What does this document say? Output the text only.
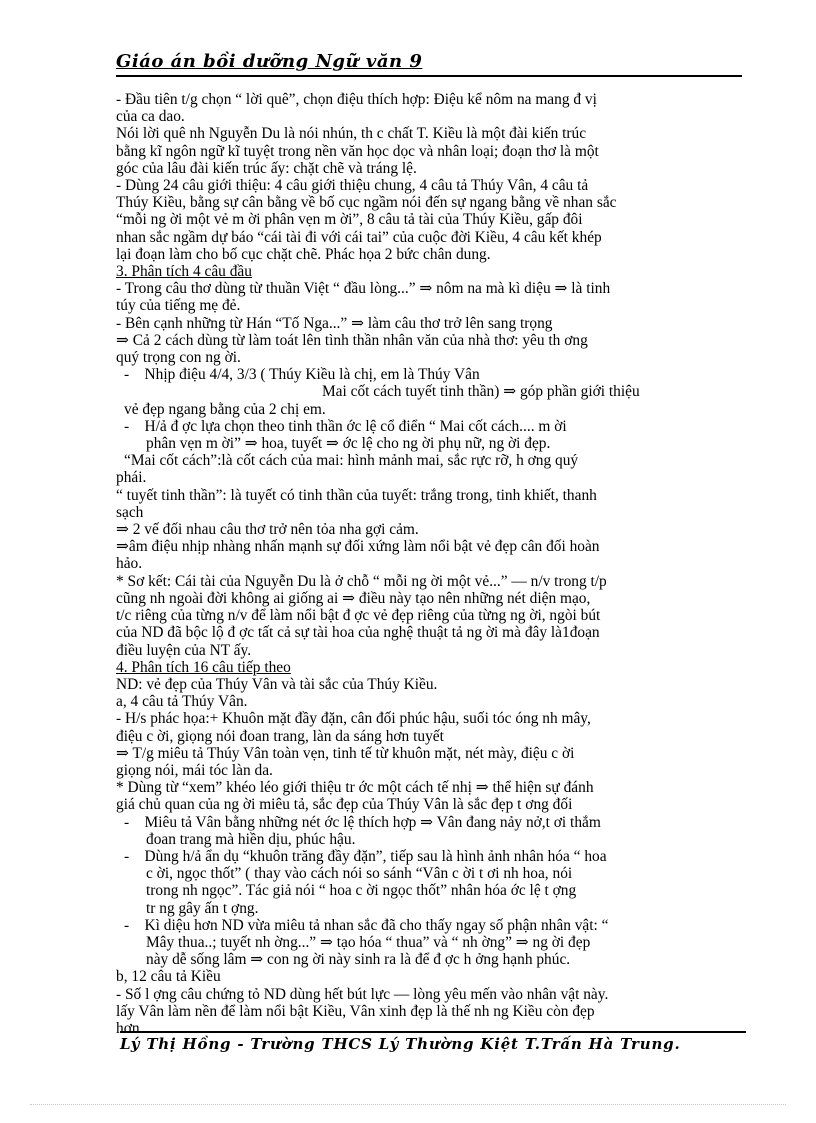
Giáo án bồi dưỡng Ngữ văn 9

- Đầu tiên t/g chọn “ lời quê”, chọn điệu thích hợp: Điệu kể nôm na mang đ vị

của ca dao.

Nói lời quê nh Nguyễn Du là nói nhún, th c chất T. Kiều là một đài kiến trúc

bằng kĩ ngôn ngữ kĩ tuyệt trong nền văn học dọc và nhân loại; đoạn thơ là một

góc của lâu đài kiến trúc ấy: chặt chẽ và tráng lệ.

- Dùng 24 câu giới thiệu: 4 câu giới thiệu chung, 4 câu tả Thúy Vân, 4 câu tả

Thúy Kiều, bằng sự cân bằng về bố cục ngầm nói đến sự ngang bằng về nhan sắc

“mỗi ng ời một vẻ m ời phân vẹn m ời”, 8 câu tả tài của Thúy Kiều, gấp đôi

nhan sắc ngầm dự báo “cái tài đi với cái tai” của cuộc đời Kiều, 4 câu kết khép

lại đoạn làm cho bố cục chặt chẽ. Phác họa 2 bức chân dung.

3. Phân tích 4 câu đầu

- Trong câu thơ dùng từ thuần Việt “ đầu lòng...” ⇒ nôm na mà kì diệu ⇒ là tinh

túy của tiếng mẹ đẻ.

- Bên cạnh những từ Hán “Tố Nga...” ⇒ làm câu thơ trở lên sang trọng

⇒ Cả 2 cách dùng từ làm toát lên tình thần nhân văn của nhà thơ: yêu th ơng

quý trọng con ng ời.

- Nhịp điệu 4/4, 3/3 ( Thúy Kiều là chị, em là Thúy Vân

Mai cốt cách tuyết tinh thần) ⇒ góp phần giới thiệu

vẻ đẹp ngang bằng của 2 chị em.

- H/ả đ ợc lựa chọn theo tinh thần ớc lệ cổ điển “ Mai cốt cách.... m ời

phân vẹn m ời” ⇒ hoa, tuyết ⇒ ớc lệ cho ng ời phụ nữ, ng ời đẹp.

“Mai cốt cách”:là cốt cách của mai: hình mảnh mai, sắc rực rỡ, h ơng quý

phái.

“ tuyết tinh thần”: là tuyết có tinh thần của tuyết: trắng trong, tinh khiết, thanh

sạch

⇒ 2 vế đối nhau câu thơ trở nên tỏa nha gợi cảm.

⇒âm điệu nhịp nhàng nhấn mạnh sự đối xứng làm nổi bật vẻ đẹp cân đối hoàn

hảo.

* Sơ kết: Cái tài của Nguyễn Du là ở chỗ “ mỗi ng ời một vẻ...” — n/v trong t/p

cũng nh ngoài đời không ai giống ai ⇒ điều này tạo nên những nét diện mạo,

t/c riêng của từng n/v để làm nổi bật đ ợc vẻ đẹp riêng của từng ng ời, ngòi bút

của ND đã bộc lộ đ ợc tất cả sự tài hoa của nghệ thuật tả ng ời mà đây là1đoạn

điều luyện của NT ấy.

4. Phân tích 16 câu tiếp theo

ND: vẻ đẹp của Thúy Vân và tài sắc của Thúy Kiều.

a, 4 câu tả Thúy Vân.

- H/s phác họa:+ Khuôn mặt đầy đặn, cân đối phúc hậu, suối tóc óng nh mây,

điệu c ời, giọng nói đoan trang, làn da sáng hơn tuyết

⇒ T/g miêu tả Thúy Vân toàn vẹn, tinh tế từ khuôn mặt, nét mày, điệu c ời

giọng nói, mái tóc làn da.

* Dùng từ “xem” khéo léo giới thiệu tr ớc một cách tế nhị ⇒ thể hiện sự đánh

giá chủ quan của ng ời miêu tả, sắc đẹp của Thúy Vân là sắc đẹp t ơng đối

- Miêu tả Vân bằng những nét ớc lệ thích hợp ⇒ Vân đang nảy nở,t ơi thắm

đoan trang mà hiền dịu, phúc hậu.

- Dùng h/ả ẩn dụ “khuôn trăng đầy đặn”, tiếp sau là hình ảnh nhân hóa “ hoa

c ời, ngọc thốt” ( thay vào cách nói so sánh “Vân c ời t ơi nh hoa, nói

trong nh ngọc”. Tác giả nói “ hoa c ời ngọc thốt” nhân hóa ớc lệ t ợng

tr ng gây ấn t ợng.

- Kì diệu hơn ND vừa miêu tả nhan sắc đã cho thấy ngay số phận nhân vật: “

Mây thua..; tuyết nh ờng...” ⇒ tạo hóa “ thua” và “ nh ờng” ⇒ ng ời đẹp

này dễ sống lâm ⇒ con ng ời này sinh ra là để đ ợc h ởng hạnh phúc.

b, 12 câu tả Kiều

- Số l ợng câu chứng tỏ ND dùng hết bút lực — lòng yêu mến vào nhân vật này.

lấy Vân làm nền để làm nổi bật Kiều, Vân xinh đẹp là thế nh ng Kiều còn đẹp

hơn.

Lý Thị Hồng - Trường THCS Lý Thường Kiệt T.Trấn Hà Trung.
